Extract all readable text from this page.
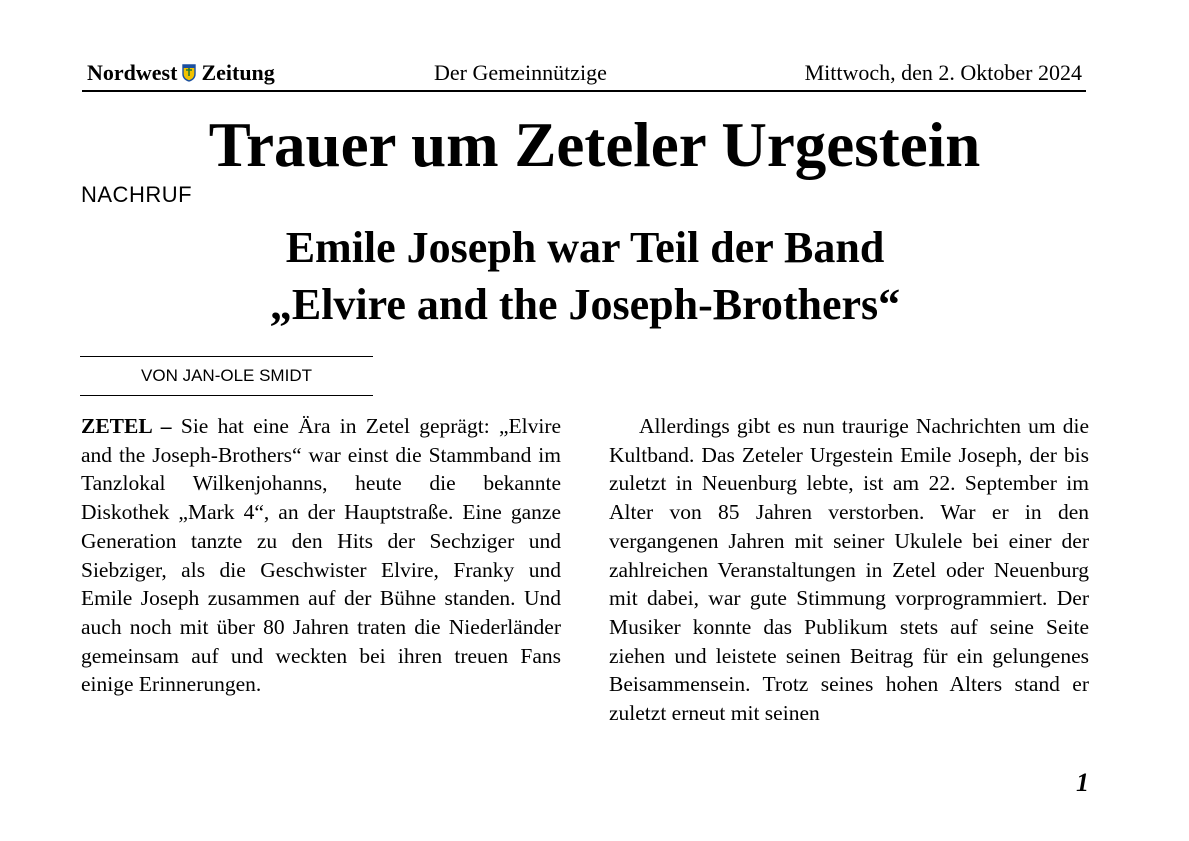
Nordwest Zeitung	Der Gemeinnützige	Mittwoch, den 2. Oktober 2024
Trauer um Zeteler Urgestein
NACHRUF
Emile Joseph war Teil der Band
„Elvire and the Joseph-Brothers“
VON JAN-OLE SMIDT

ZETEL – Sie hat eine Ära in Zetel geprägt: „Elvire and the Joseph-Brothers“ war einst die Stammband im Tanzlokal Wilkenjohanns, heute die bekannte Diskothek „Mark 4“, an der Hauptstraße. Eine ganze Generation tanzte zu den Hits der Sechziger und Siebziger, als die Geschwister Elvire, Franky und Emile Joseph zusammen auf der Bühne standen. Und auch noch mit über 80 Jahren traten die Niederländer gemeinsam auf und weckten bei ihren treuen Fans einige Erinnerungen.

Allerdings gibt es nun traurige Nachrichten um die Kultband. Das Zeteler Urgestein Emile Joseph, der bis zuletzt in Neuenburg lebte, ist am 22. September im Alter von 85 Jahren verstorben. War er in den vergangenen Jahren mit seiner Ukulele bei einer der zahlreichen Veranstaltungen in Zetel oder Neuenburg mit dabei, war gute Stimmung vorprogrammiert. Der Musiker konnte das Publikum stets auf seine Seite ziehen und leistete seinen Beitrag für ein gelungenes Beisammensein. Trotz seines hohen Alters stand er zuletzt erneut mit seinen

1
